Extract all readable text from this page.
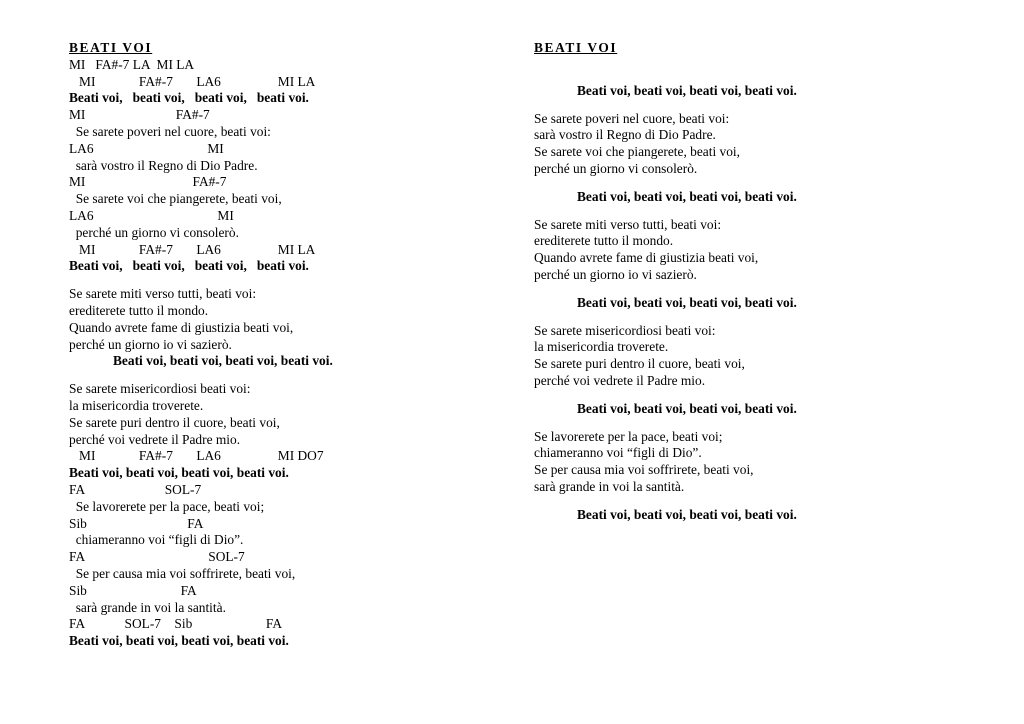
BEATI VOI
MI   FA#-7 LA  MI LA
MI             FA#-7       LA6                 MI LA
Beati voi,   beati voi,   beati voi,   beati voi.
MI                           FA#-7
Se sarete poveri nel cuore, beati voi:
LA6                                  MI
sarà vostro il Regno di Dio Padre.
MI                                FA#-7
Se sarete voi che piangerete, beati voi,
LA6                                     MI
perché un giorno vi consolerò.
MI             FA#-7       LA6                 MI LA
Beati voi,   beati voi,   beati voi,   beati voi.
Se sarete miti verso tutti, beati voi:
erediterete tutto il mondo.
Quando avrete fame di giustizia beati voi,
perché un giorno io vi sazierò.
Beati voi, beati voi, beati voi, beati voi.
Se sarete misericordiosi beati voi:
la misericordia troverete.
Se sarete puri dentro il cuore, beati voi,
perché voi vedrete il Padre mio.
MI             FA#-7       LA6                 MI DO7
Beati voi, beati voi, beati voi, beati voi.
FA                        SOL-7
Se lavorerete per la pace, beati voi;
Sib                              FA
chiameranno voi “figli di Dio”.
FA                                     SOL-7
Se per causa mia voi soffrirete, beati voi,
Sib                            FA
sarà grande in voi la santità.
FA            SOL-7    Sib                      FA
Beati voi, beati voi, beati voi, beati voi.
BEATI VOI
Beati voi, beati voi, beati voi, beati voi.
Se sarete poveri nel cuore, beati voi:
sarà vostro il Regno di Dio Padre.
Se sarete voi che piangerete, beati voi,
perché un giorno vi consolerò.
Beati voi, beati voi, beati voi, beati voi.
Se sarete miti verso tutti, beati voi:
erediterete tutto il mondo.
Quando avrete fame di giustizia beati voi,
perché un giorno io vi sazierò.
Beati voi, beati voi, beati voi, beati voi.
Se sarete misericordiosi beati voi:
la misericordia troverete.
Se sarete puri dentro il cuore, beati voi,
perché voi vedrete il Padre mio.
Beati voi, beati voi, beati voi, beati voi.
Se lavorerete per la pace, beati voi;
chiameranno voi “figli di Dio”.
Se per causa mia voi soffrirete, beati voi,
sarà grande in voi la santità.
Beati voi, beati voi, beati voi, beati voi.
